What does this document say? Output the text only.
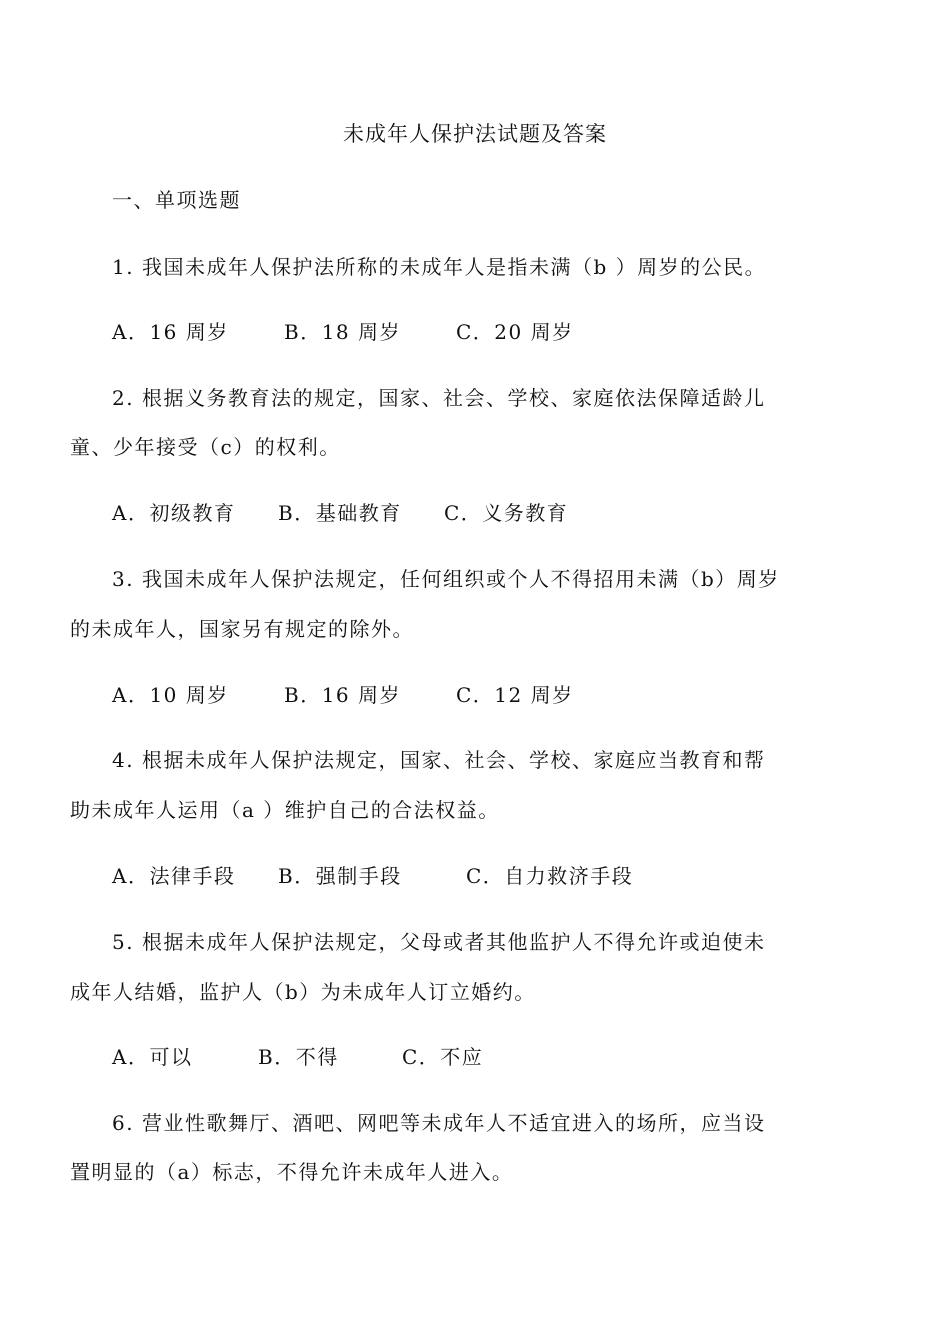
未成年人保护法试题及答案
一、单项选题
1. 我国未成年人保护法所称的未成年人是指未满（b ）周岁的公民。
A．16 周岁	B．18 周岁	C．20 周岁
2. 根据义务教育法的规定，国家、社会、学校、家庭依法保障适龄儿
童、少年接受（c）的权利。
A．初级教育 B．基础教育 C．义务教育
3. 我国未成年人保护法规定，任何组织或个人不得招用未满（b）周岁
的未成年人，国家另有规定的除外。
A．10 周岁	B．16 周岁	C．12 周岁
4. 根据未成年人保护法规定，国家、社会、学校、家庭应当教育和帮
助未成年人运用（a ）维护自己的合法权益。
A．法律手段 B．强制手段	C．自力救济手段
5. 根据未成年人保护法规定，父母或者其他监护人不得允许或迫使未
成年人结婚，监护人（b）为未成年人订立婚约。
A．可以	B．不得	C．不应
6. 营业性歌舞厅、酒吧、网吧等未成年人不适宜进入的场所，应当设
置明显的（a）标志，不得允许未成年人进入。
